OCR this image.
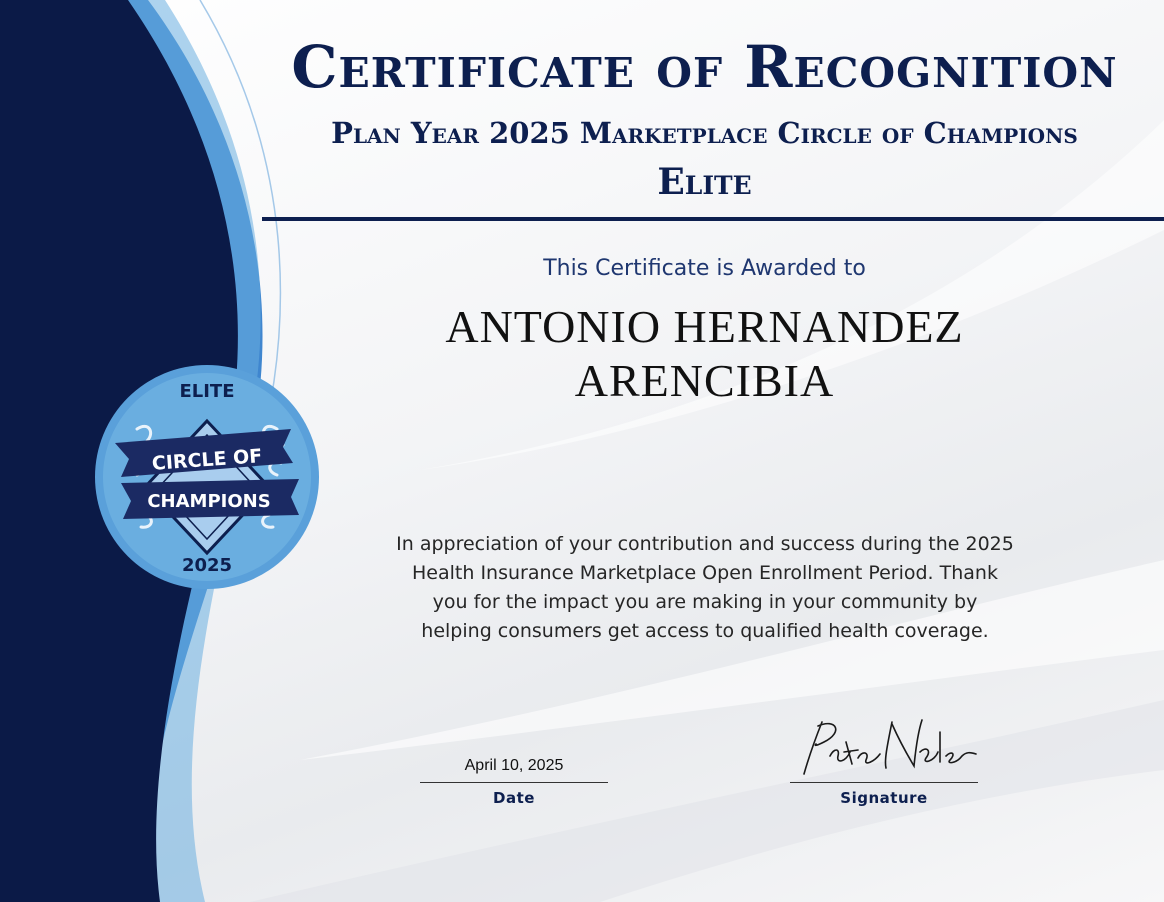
Certificate of Recognition
Plan Year 2025 Marketplace Circle of Champions
Elite

This Certificate is Awarded to

ANTONIO HERNANDEZ
ARENCIBIA

In appreciation of your contribution and success during the 2025 Health Insurance Marketplace Open Enrollment Period. Thank you for the impact you are making in your community by helping consumers get access to qualified health coverage.

April 10, 2025
Date	Signature
ELITE
CIRCLE OF
CHAMPIONS
2025
